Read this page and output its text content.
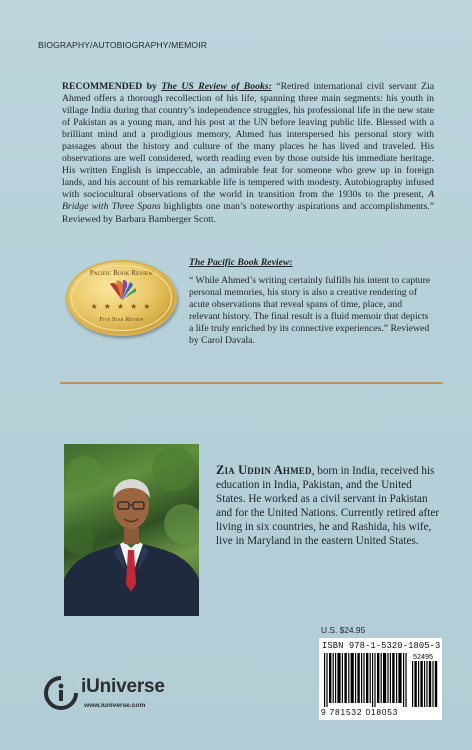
BIOGRAPHY/AUTOBIOGRAPHY/MEMOIR

RECOMMENDED by The US Review of Books: “Retired international civil servant Zia Ahmed offers a thorough recollection of his life, spanning three main segments: his youth in village India during that country’s independence struggles, his professional life in the new state of Pakistan as a young man, and his post at the UN before leaving public life. Blessed with a brilliant mind and a prodigious memory, Ahmed has interspersed his personal story with passages about the history and culture of the many places he has lived and traveled. His observations are well considered, worth reading even by those outside his immediate heritage. His written English is impeccable, an admirable feat for someone who grew up in foreign lands, and his account of his remarkable life is tempered with modesty. Autobiography infused with sociocultural observations of the world in transition from the 1930s to the present, A Bridge with Three Spans highlights one man’s noteworthy aspirations and accomplishments.” Reviewed by Barbara Bamberger Scott.

Pacific Book Review
★ ★ ★ ★ ★
Five Star Review
The Pacific Book Review:

“ While Ahmed’s writing certainly fulfills his intent to capture personal memories, his story is also a creative rendering of acute observations that reveal spans of time, place, and relevant history. The final result is a fluid memoir that depicts a life truly enriched by its connective experiences.” Reviewed by Carol Davala.

Zia Uddin Ahmed, born in India, received his education in India, Pakistan, and the United States. He worked as a civil servant in Pakistan and for the United Nations. Currently retired after living in six countries, he and Rashida, his wife, live in Maryland in the eastern United States.

U.S. $24.95
ISBN 978-1-5320-1805-3
52495
9 781532 018053
iUniverse
www.iuniverse.com
